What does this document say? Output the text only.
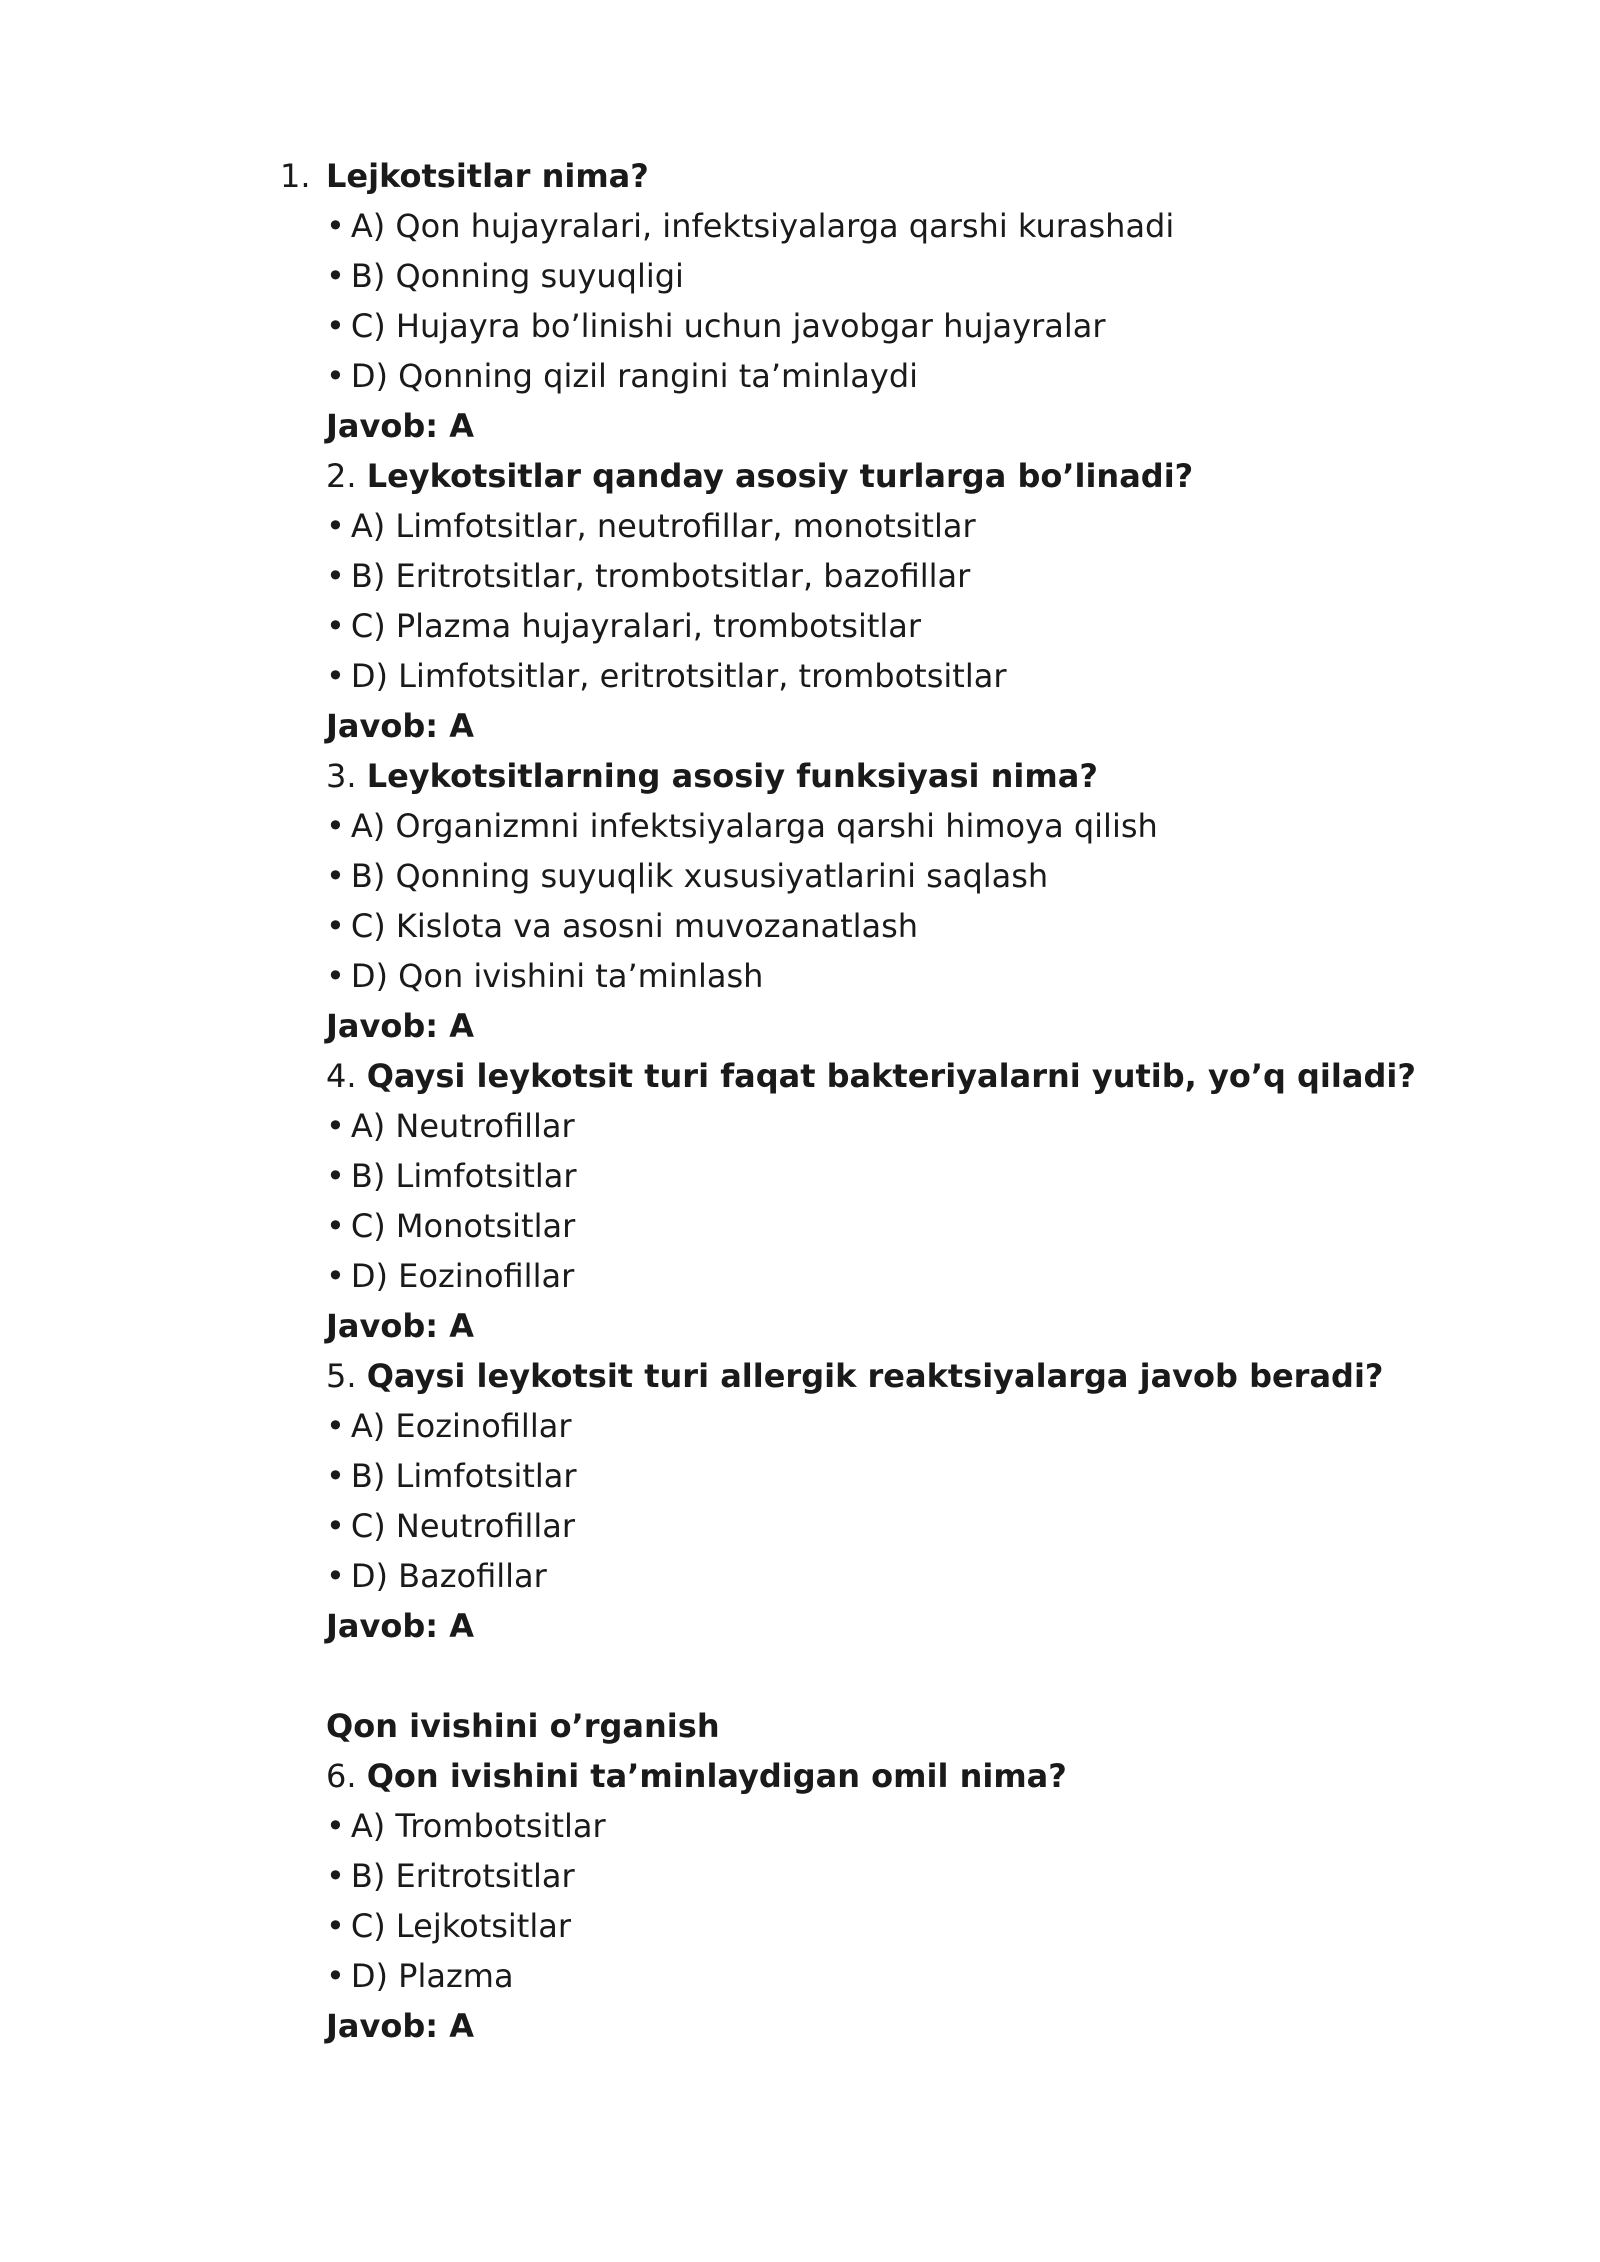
1. Lejkotsitlar nima?
• A) Qon hujayralari, infektsiyalarga qarshi kurashadi
• B) Qonning suyuqligi
• C) Hujayra bo’linishi uchun javobgar hujayralar
• D) Qonning qizil rangini ta’minlaydi
Javob: A
2. Leykotsitlar qanday asosiy turlarga bo’linadi?
• A) Limfotsitlar, neutrofillar, monotsitlar
• B) Eritrotsitlar, trombotsitlar, bazofillar
• C) Plazma hujayralari, trombotsitlar
• D) Limfotsitlar, eritrotsitlar, trombotsitlar
Javob: A
3. Leykotsitlarning asosiy funksiyasi nima?
• A) Organizmni infektsiyalarga qarshi himoya qilish
• B) Qonning suyuqlik xususiyatlarini saqlash
• C) Kislota va asosni muvozanatlash
• D) Qon ivishini ta’minlash
Javob: A
4. Qaysi leykotsit turi faqat bakteriyalarni yutib, yo’q qiladi?
• A) Neutrofillar
• B) Limfotsitlar
• C) Monotsitlar
• D) Eozinofillar
Javob: A
5. Qaysi leykotsit turi allergik reaktsiyalarga javob beradi?
• A) Eozinofillar
• B) Limfotsitlar
• C) Neutrofillar
• D) Bazofillar
Javob: A
Qon ivishini o’rganish
6. Qon ivishini ta’minlaydigan omil nima?
• A) Trombotsitlar
• B) Eritrotsitlar
• C) Lejkotsitlar
• D) Plazma
Javob: A
